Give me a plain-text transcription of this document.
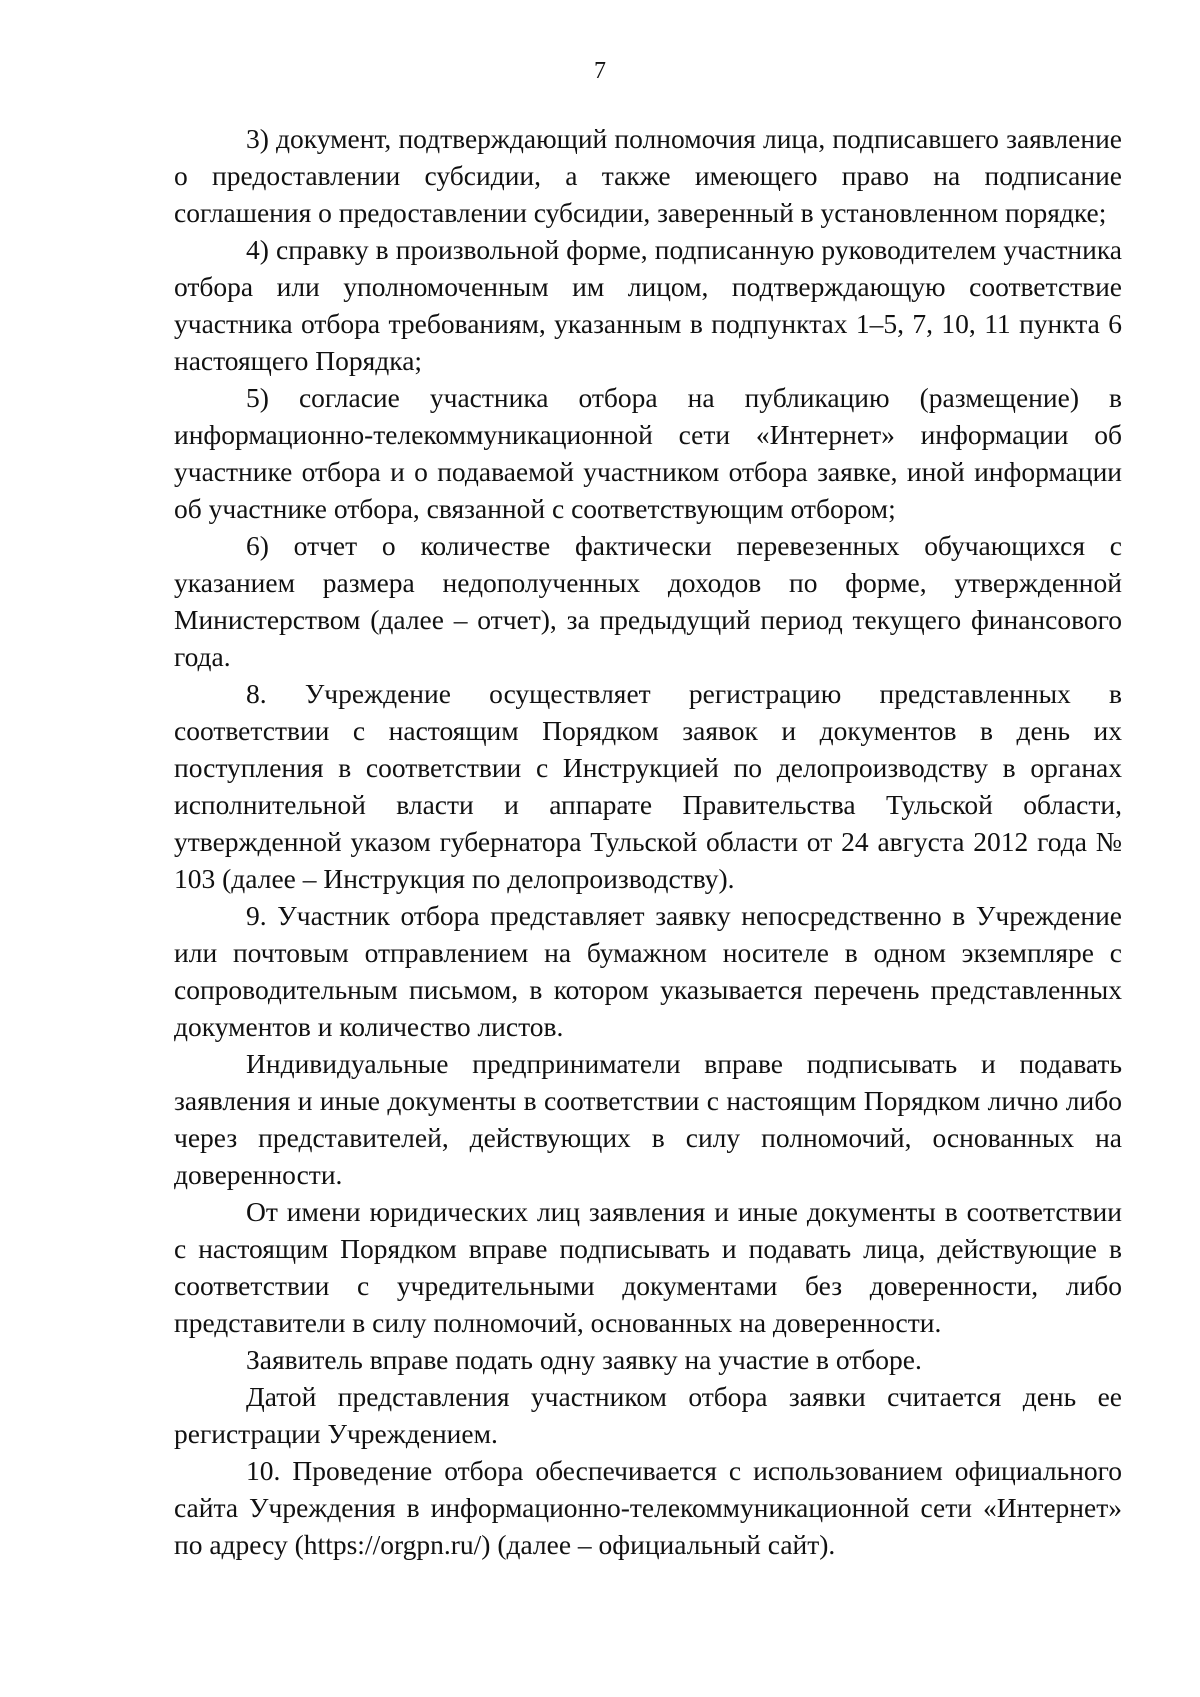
7

3) документ, подтверждающий полномочия лица, подписавшего заявление о предоставлении субсидии, а также имеющего право на подписание соглашения о предоставлении субсидии, заверенный в установленном порядке;

4) справку в произвольной форме, подписанную руководителем участника отбора или уполномоченным им лицом, подтверждающую соответствие участника отбора требованиям, указанным в подпунктах 1–5, 7, 10, 11 пункта 6 настоящего Порядка;

5) согласие участника отбора на публикацию (размещение) в информационно-телекоммуникационной сети «Интернет» информации об участнике отбора и о подаваемой участником отбора заявке, иной информации об участнике отбора, связанной с соответствующим отбором;

6) отчет о количестве фактически перевезенных обучающихся с указанием размера недополученных доходов по форме, утвержденной Министерством (далее – отчет), за предыдущий период текущего финансового года.

8. Учреждение осуществляет регистрацию представленных в соответствии с настоящим Порядком заявок и документов в день их поступления в соответствии с Инструкцией по делопроизводству в органах исполнительной власти и аппарате Правительства Тульской области, утвержденной указом губернатора Тульской области от 24 августа 2012 года № 103 (далее – Инструкция по делопроизводству).

9. Участник отбора представляет заявку непосредственно в Учреждение или почтовым отправлением на бумажном носителе в одном экземпляре с сопроводительным письмом, в котором указывается перечень представленных документов и количество листов.

Индивидуальные предприниматели вправе подписывать и подавать заявления и иные документы в соответствии с настоящим Порядком лично либо через представителей, действующих в силу полномочий, основанных на доверенности.

От имени юридических лиц заявления и иные документы в соответствии с настоящим Порядком вправе подписывать и подавать лица, действующие в соответствии с учредительными документами без доверенности, либо представители в силу полномочий, основанных на доверенности.

Заявитель вправе подать одну заявку на участие в отборе.

Датой представления участником отбора заявки считается день ее регистрации Учреждением.

10. Проведение отбора обеспечивается с использованием официального сайта Учреждения в информационно-телекоммуникационной сети «Интернет» по адресу (https://orgpn.ru/) (далее – официальный сайт).
